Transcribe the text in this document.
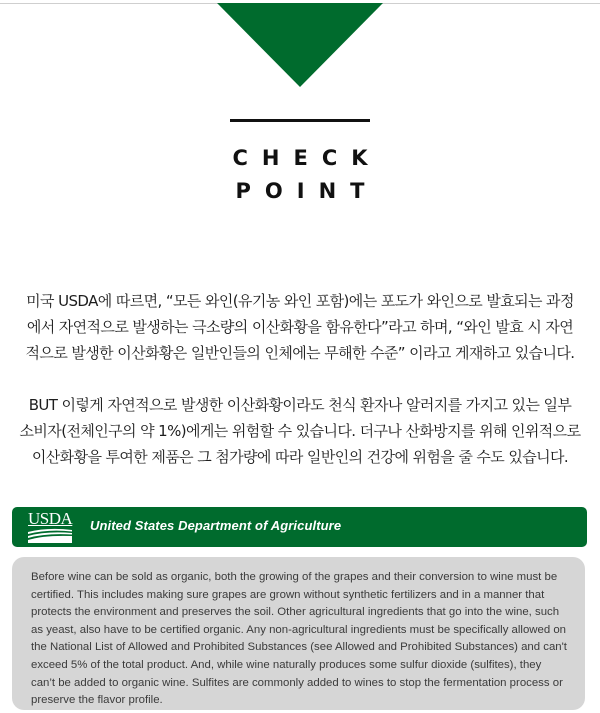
CHECK
POINT
미국 USDA에 따르면, “모든 와인(유기농 와인 포함)에는 포도가 와인으로 발효되는 과정
에서 자연적으로 발생하는 극소량의 이산화황을 함유한다”라고 하며, “와인 발효 시 자연
적으로 발생한 이산화황은 일반인들의 인체에는 무해한 수준” 이라고 게재하고 있습니다.
BUT 이렇게 자연적으로 발생한 이산화황이라도 천식 환자나 알러지를 가지고 있는 일부
소비자(전체인구의 약 1%)에게는 위험할 수 있습니다. 더구나 산화방지를 위해 인위적으로
이산화황을 투여한 제품은 그 첨가량에 따라 일반인의 건강에 위험을 줄 수도 있습니다.
USDA United States Department of Agriculture
Before wine can be sold as organic, both the growing of the grapes and their conversion to wine must be
certified. This includes making sure grapes are grown without synthetic fertilizers and in a manner that
protects the environment and preserves the soil. Other agricultural ingredients that go into the wine, such
as yeast, also have to be certified organic. Any non-agricultural ingredients must be specifically allowed on
the National List of Allowed and Prohibited Substances (see Allowed and Prohibited Substances) and can't
exceed 5% of the total product. And, while wine naturally produces some sulfur dioxide (sulfites), they
can’t be added to organic wine. Sulfites are commonly added to wines to stop the fermentation process or
preserve the flavor profile.
